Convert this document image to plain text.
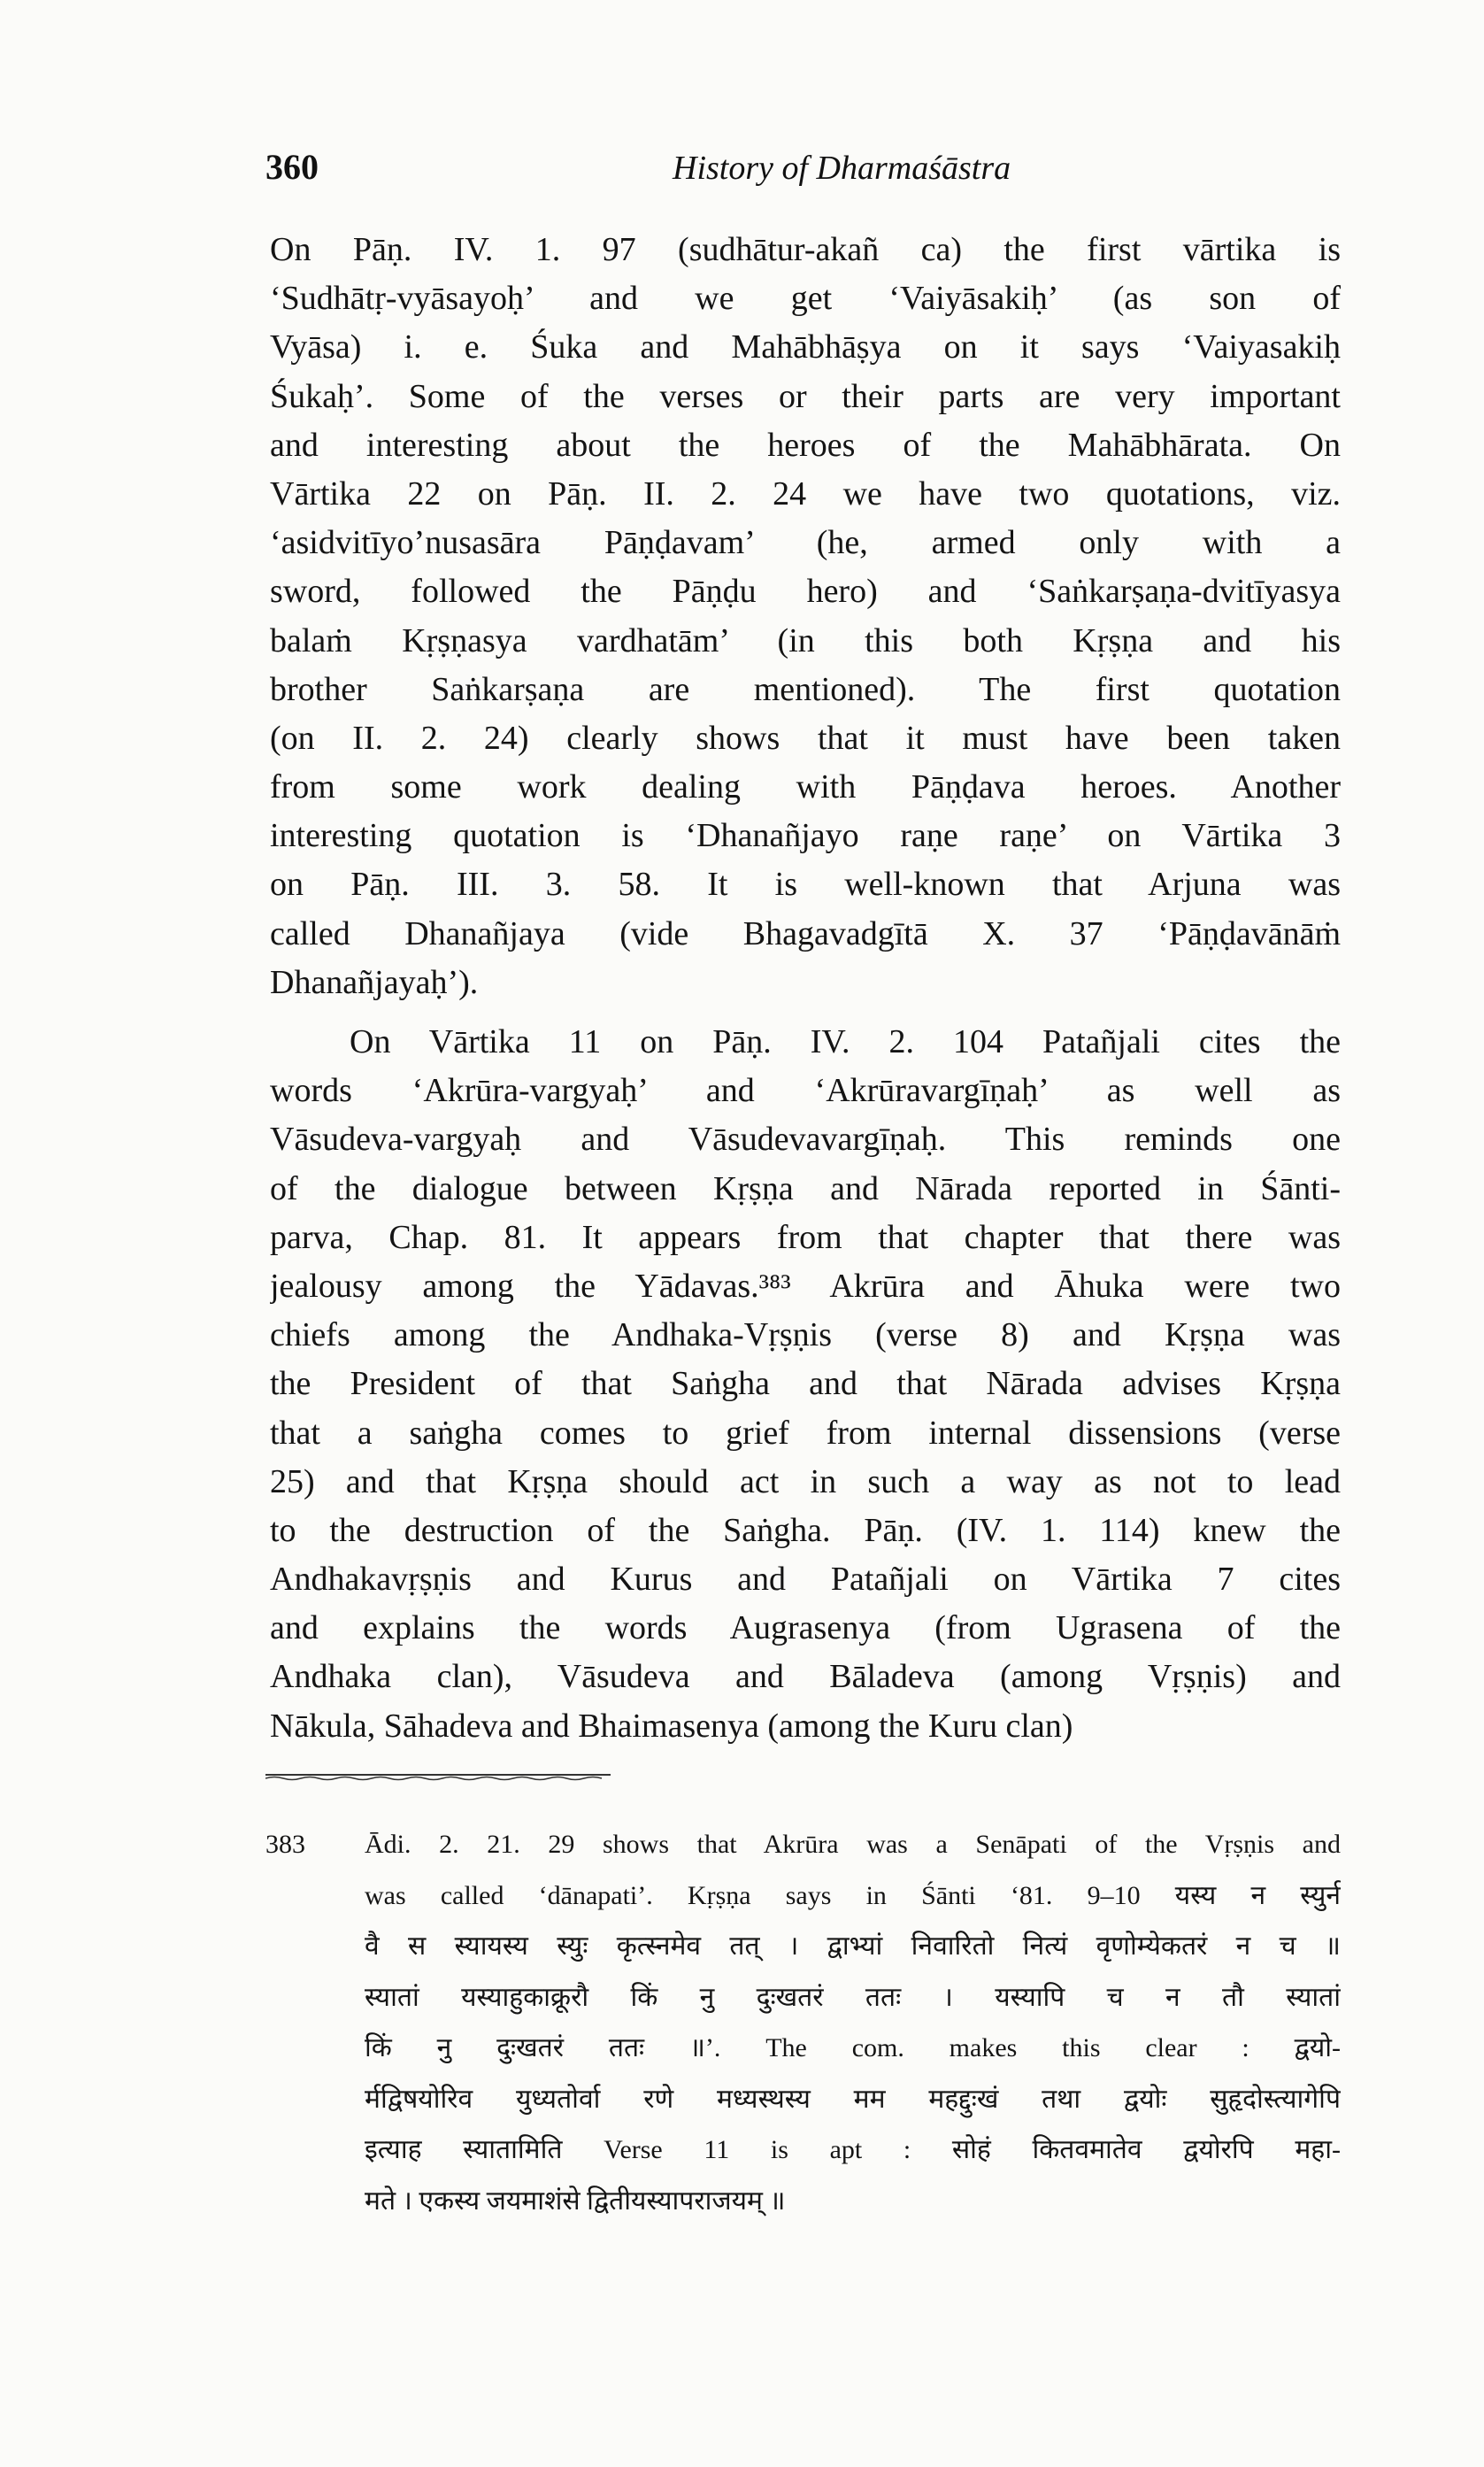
360	History of Dharmaśāstra
On Pāṇ. IV. 1. 97 (sudhātur-akañ ca) the first vārtika is
‘Sudhātṛ-vyāsayoḥ’ and we get ‘Vaiyāsakiḥ’ (as son of
Vyāsa) i. e. Śuka and Mahābhāṣya on it says ‘Vaiyasakiḥ
Śukaḥ’. Some of the verses or their parts are very important
and interesting about the heroes of the Mahābhārata. On
Vārtika 22 on Pāṇ. II. 2. 24 we have two quotations, viz.
‘asidvitīyo’nusasāra Pāṇḍavam’ (he, armed only with a
sword, followed the Pāṇḍu hero) and ‘Saṅkarṣaṇa-dvitīyasya
balaṁ Kṛṣṇasya vardhatām’ (in this both Kṛṣṇa and his
brother Saṅkarṣaṇa are mentioned). The first quotation
(on II. 2. 24) clearly shows that it must have been taken
from some work dealing with Pāṇḍava heroes. Another
interesting quotation is ‘Dhanañjayo raṇe raṇe’ on Vārtika 3
on Pāṇ. III. 3. 58. It is well-known that Arjuna was
called Dhanañjaya (vide Bhagavadgītā X. 37 ‘Pāṇḍavānāṁ
Dhanañjayaḥ’).
On Vārtika 11 on Pāṇ. IV. 2. 104 Patañjali cites the
words ‘Akrūra-vargyaḥ’ and ‘Akrūravargīṇaḥ’ as well as
Vāsudeva-vargyaḥ and Vāsudevavargīṇaḥ. This reminds one
of the dialogue between Kṛṣṇa and Nārada reported in Śānti-
parva, Chap. 81. It appears from that chapter that there was
jealousy among the Yādavas.³⁸³ Akrūra and Āhuka were two
chiefs among the Andhaka-Vṛṣṇis (verse 8) and Kṛṣṇa was
the President of that Saṅgha and that Nārada advises Kṛṣṇa
that a saṅgha comes to grief from internal dissensions (verse
25) and that Kṛṣṇa should act in such a way as not to lead
to the destruction of the Saṅgha. Pāṇ. (IV. 1. 114) knew the
Andhakavṛṣṇis and Kurus and Patañjali on Vārtika 7 cites
and explains the words Augrasenya (from Ugrasena of the
Andhaka clan), Vāsudeva and Bāladeva (among Vṛṣṇis) and
Nākula, Sāhadeva and Bhaimasenya (among the Kuru clan)
383 Ādi. 2. 21. 29 shows that Akrūra was a Senāpati of the Vṛṣṇis and
was called ‘dānapati’. Kṛṣṇa says in Śānti ‘81. 9–10 यस्य न स्युर्न
वै स स्यायस्य स्युः कृत्स्नमेव तत् । द्वाभ्यां निवारितो नित्यं वृणोम्येकतरं न च ॥
स्यातां यस्याहुकाक्रूरौ किं नु दुःखतरं ततः । यस्यापि च न तौ स्यातां
किं नु दुःखतरं ततः ॥’. The com. makes this clear : द्वयो-
र्मद्विषयोरिव युध्यतोर्वा रणे मध्यस्थस्य मम महद्दुःखं तथा द्वयोः सुहृदोस्त्यागेपि
इत्याह स्यातामिति Verse 11 is apt : सोहं कितवमातेव द्वयोरपि महा-
मते । एकस्य जयमाशंसे द्वितीयस्यापराजयम् ॥
